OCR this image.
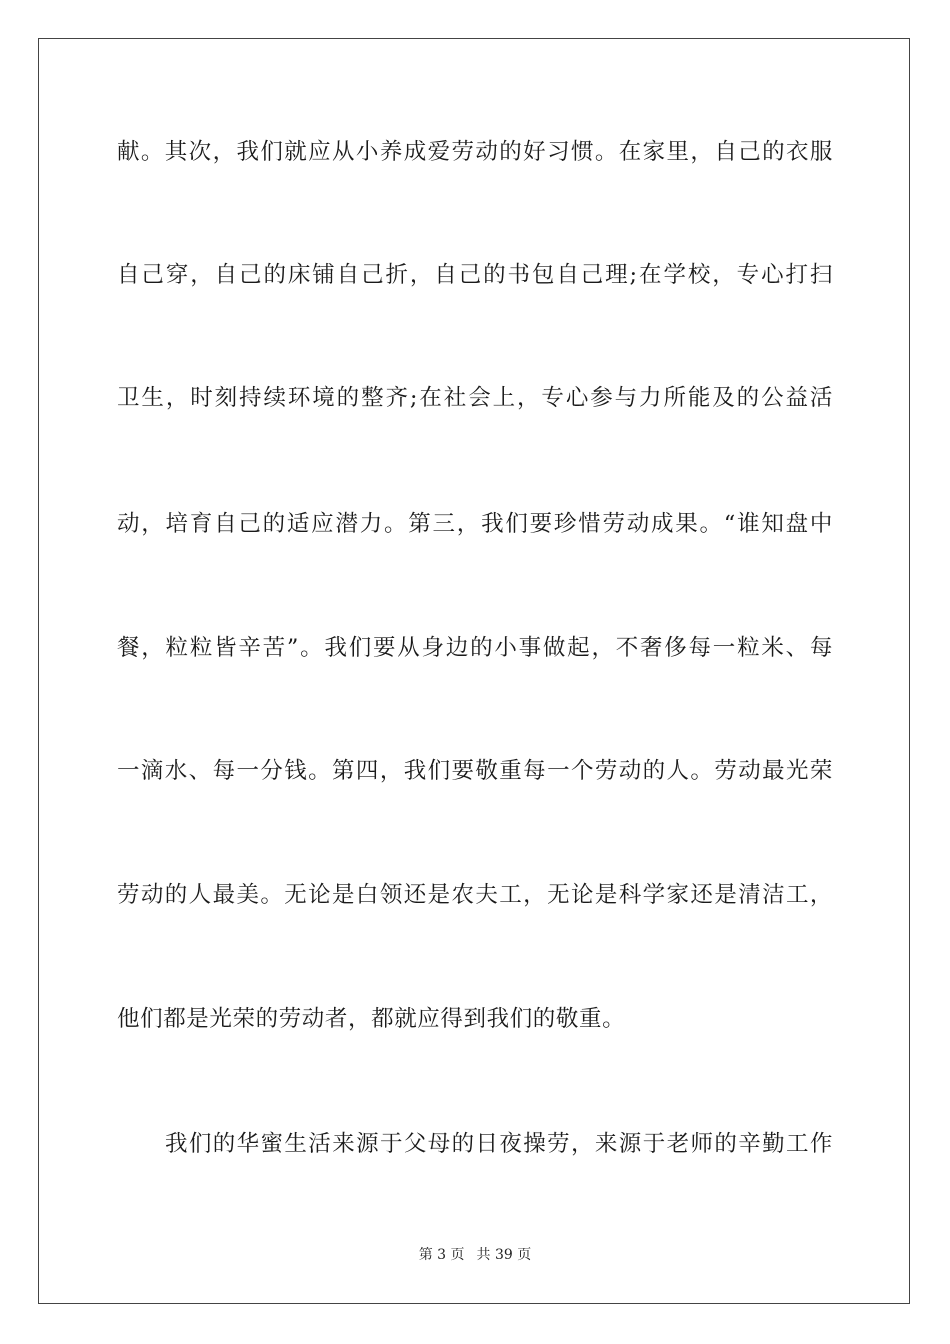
献。其次，我们就应从小养成爱劳动的好习惯。在家里，自己的衣服
自己穿，自己的床铺自己折，自己的书包自己理;在学校，专心打扫
卫生，时刻持续环境的整齐;在社会上，专心参与力所能及的公益活
动，培育自己的适应潜力。第三，我们要珍惜劳动成果。“谁知盘中
餐，粒粒皆辛苦”。我们要从身边的小事做起，不奢侈每一粒米、每
一滴水、每一分钱。第四，我们要敬重每一个劳动的人。劳动最光荣
劳动的人最美。无论是白领还是农夫工，无论是科学家还是清洁工，
他们都是光荣的劳动者，都就应得到我们的敬重。
我们的华蜜生活来源于父母的日夜操劳，来源于老师的辛勤工作
第 3 页 共 39 页
